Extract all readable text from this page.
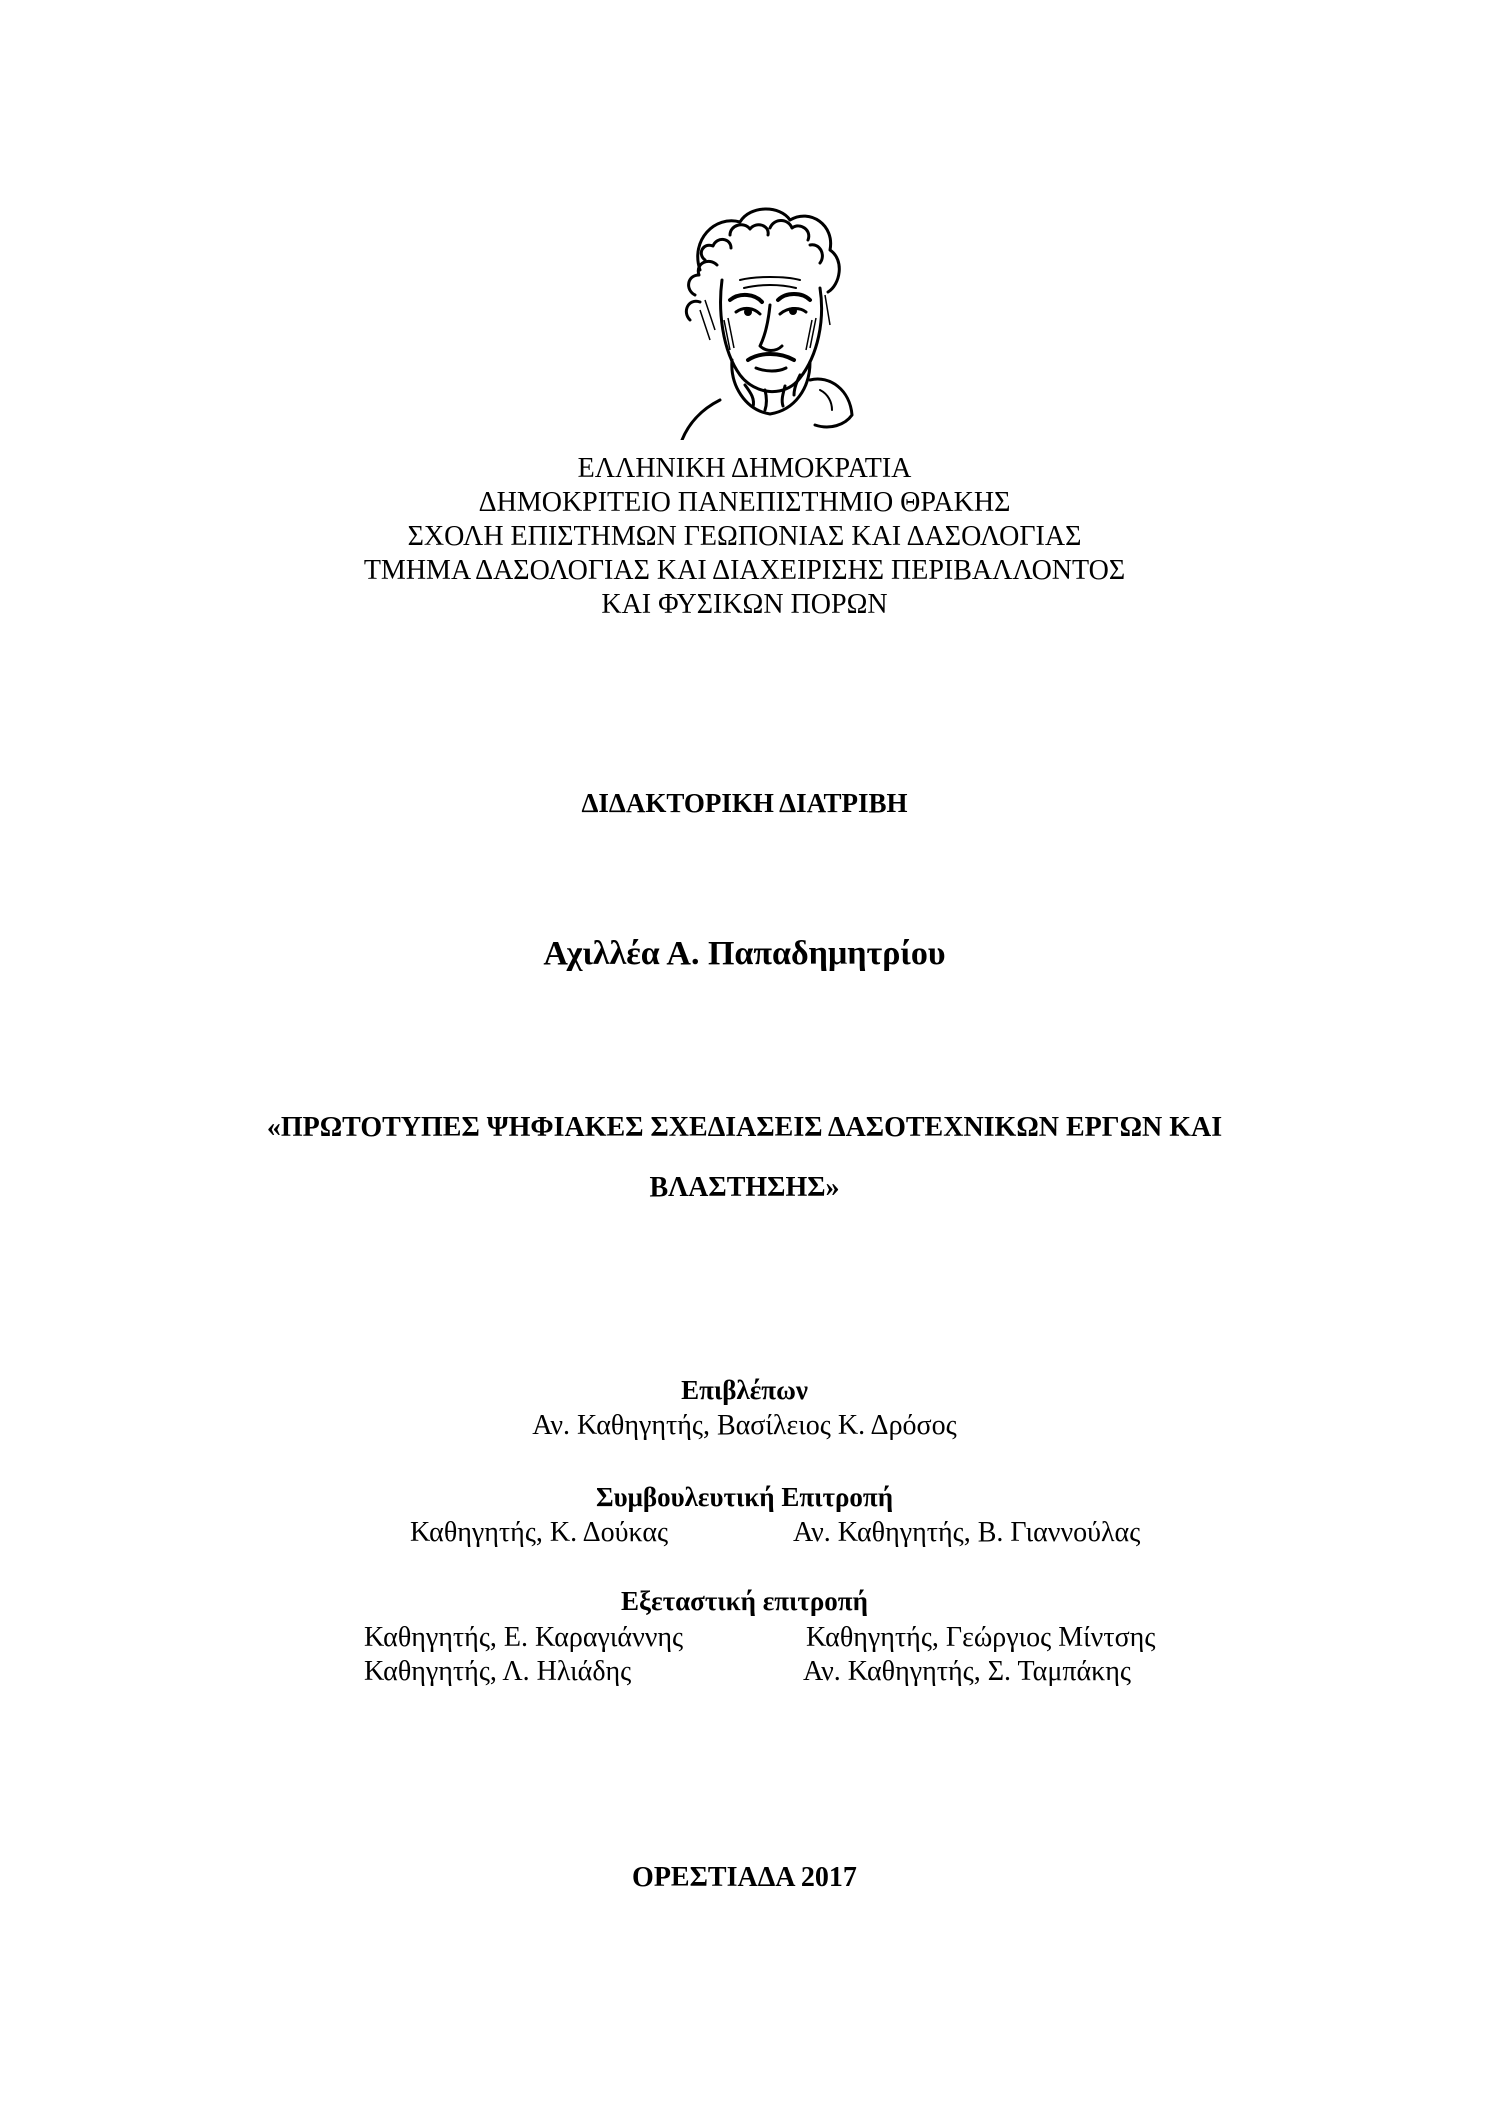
ΕΛΛΗΝΙΚΗ ΔΗΜΟΚΡΑΤΙΑ
ΔΗΜΟΚΡΙΤΕΙΟ ΠΑΝΕΠΙΣΤΗΜΙΟ ΘΡΑΚΗΣ
ΣΧΟΛΗ ΕΠΙΣΤΗΜΩΝ ΓΕΩΠΟΝΙΑΣ ΚΑΙ ΔΑΣΟΛΟΓΙΑΣ
ΤΜΗΜΑ ΔΑΣΟΛΟΓΙΑΣ ΚΑΙ ΔΙΑΧΕΙΡΙΣΗΣ ΠΕΡΙΒΑΛΛΟΝΤΟΣ
ΚΑΙ ΦΥΣΙΚΩΝ ΠΟΡΩΝ
ΔΙΔΑΚΤΟΡΙΚΗ ΔΙΑΤΡΙΒΗ
Αχιλλέα Α. Παπαδημητρίου
«ΠΡΩΤΟΤΥΠΕΣ ΨΗΦΙΑΚΕΣ ΣΧΕΔΙΑΣΕΙΣ ΔΑΣΟΤΕΧΝΙΚΩΝ ΕΡΓΩΝ ΚΑΙ
ΒΛΑΣΤΗΣΗΣ»
Επιβλέπων
Αν. Καθηγητής, Βασίλειος Κ. Δρόσος
Συμβουλευτική Επιτροπή
Καθηγητής, Κ. Δούκας	Αν. Καθηγητής, Β. Γιαννούλας
Εξεταστική επιτροπή
Καθηγητής, Ε. Καραγιάννης	Καθηγητής, Γεώργιος Μίντσης
Καθηγητής, Λ. Ηλιάδης	Αν. Καθηγητής, Σ. Ταμπάκης
ΟΡΕΣΤΙΑΔΑ 2017
